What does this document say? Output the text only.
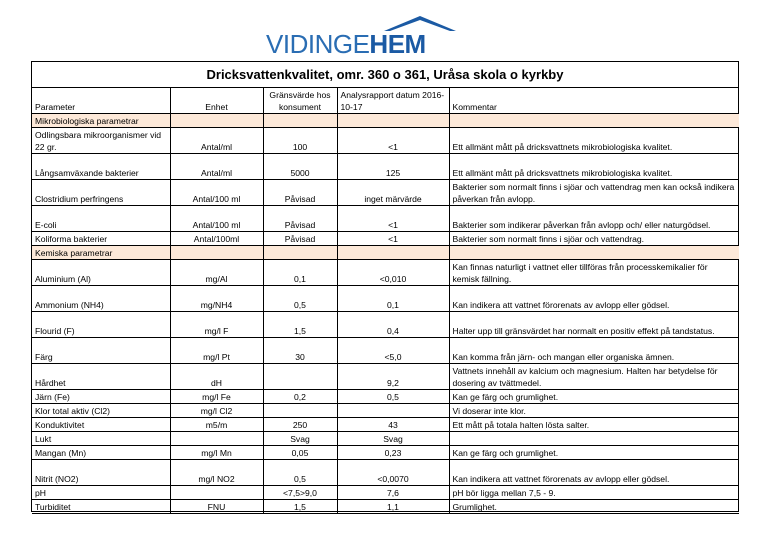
VIDINGEHEM
Dricksvattenkvalitet, omr. 360 o 361, Uråsa skola o kyrkby
Parameter	Enhet	Gränsvärde hos konsument	Analysrapport datum 2016-10-17	Kommentar
Mikrobiologiska parametrar				
Odlingsbara mikroorganismer vid 22 gr.	Antal/ml	100	<1	Ett allmänt mått på dricksvattnets mikrobiologiska kvalitet.
Långsamväxande bakterier	Antal/ml	5000	125	Ett allmänt mått på dricksvattnets mikrobiologiska kvalitet.
Clostridium perfringens	Antal/100 ml	Påvisad	inget märvärde	Bakterier som normalt finns i sjöar och vattendrag men kan också indikera påverkan från avlopp.
E-coli	Antal/100 ml	Påvisad	<1	Bakterier som indikerar påverkan från avlopp och/ eller naturgödsel.
Koliforma bakterier	Antal/100ml	Påvisad	<1	Bakterier som normalt finns i sjöar och vattendrag.
Kemiska parametrar				
Aluminium (Al)	mg/Al	0,1	<0,010	Kan finnas naturligt i vattnet eller tillföras från processkemikalier för kemisk fällning.
Ammonium (NH4)	mg/NH4	0,5	0,1	Kan indikera att vattnet förorenats av avlopp eller gödsel.
Flourid (F)	mg/l F	1,5	0,4	Halter upp till gränsvärdet har normalt en positiv effekt på tandstatus.
Färg	mg/l Pt	30	<5,0	Kan komma från järn- och mangan eller organiska ämnen.
Hårdhet	dH		9,2	Vattnets innehåll av kalcium och magnesium. Halten har betydelse för dosering av tvättmedel.
Järn (Fe)	mg/l Fe	0,2	0,5	Kan ge färg och grumlighet.
Klor total aktiv (Cl2)	mg/l Cl2			Vi doserar inte klor.
Konduktivitet	m5/m	250	43	Ett mått på totala halten lösta salter.
Lukt		Svag	Svag	
Mangan (Mn)	mg/l Mn	0,05	0,23	Kan ge färg och grumlighet.
Nitrit (NO2)	mg/l NO2	0,5	<0,0070	Kan indikera att vattnet förorenats av avlopp eller gödsel.
pH		<7,5>9,0	7,6	pH bör ligga mellan 7,5 - 9.
Turbiditet	FNU	1,5	1,1	Grumlighet.
